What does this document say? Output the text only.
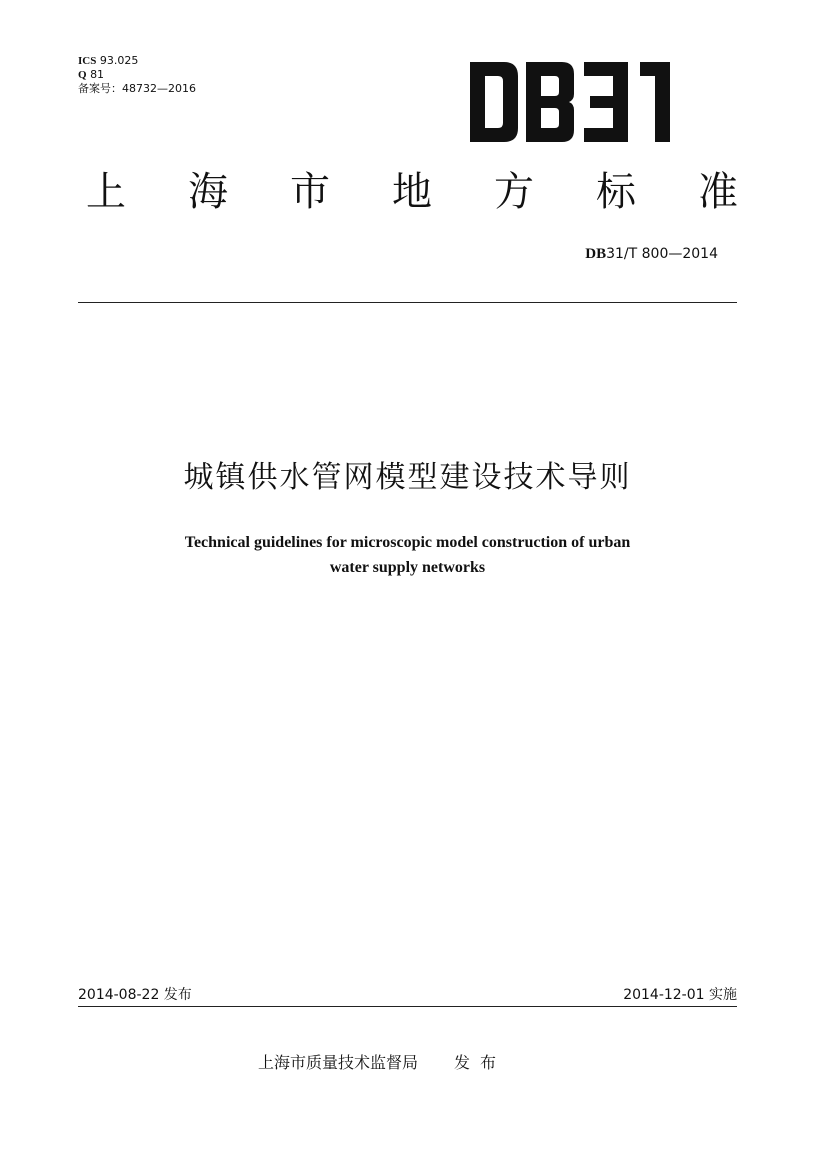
ICS 93.025
Q 81
备案号：48732—2016
上 海 市 地 方 标 准
DB31/T 800—2014
城镇供水管网模型建设技术导则
Technical guidelines for microscopic model construction of urban
water supply networks
2014-08-22 发布	2014-12-01 实施
上海市质量技术监督局 发布
